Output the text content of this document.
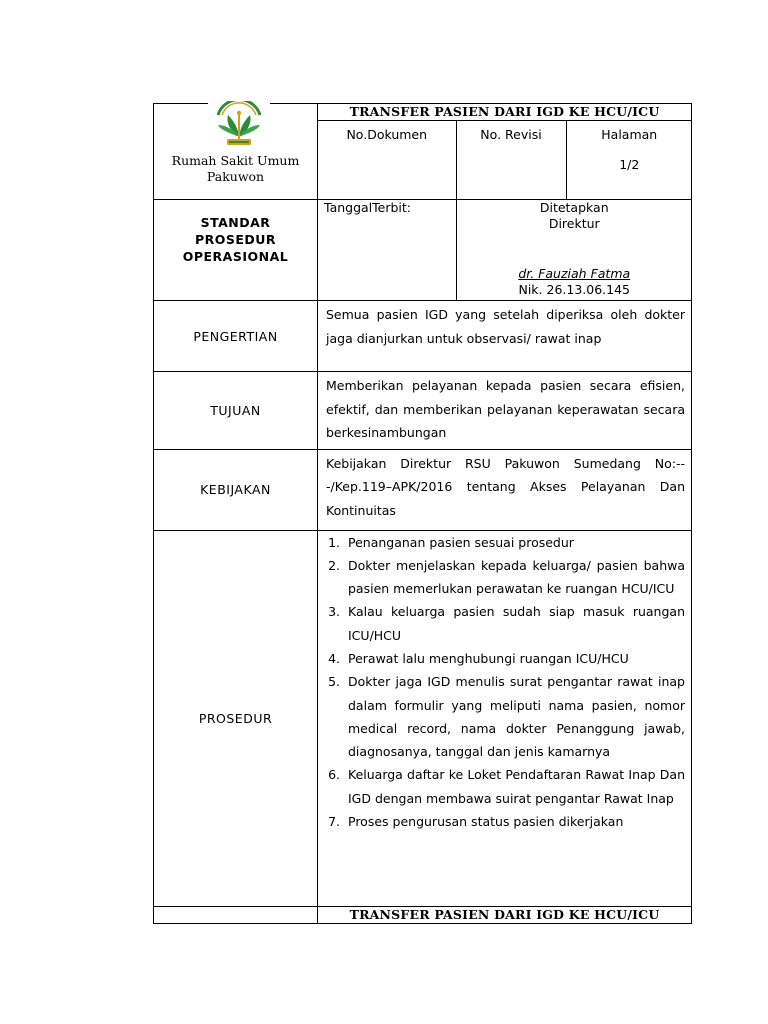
Rumah Sakit Umum
Pakuwon
	TRANSFER PASIEN DARI IGD KE HCU/ICU

No.Dokumen	No. Revisi	Halaman
1/2

STANDAR
PROSEDUR
OPERASIONAL

TanggalTerbit:	Ditetapkan
Direktur
dr. Fauziah Fatma
Nik. 26.13.06.145

PENGERTIAN	Semua pasien IGD yang setelah diperiksa oleh dokter jaga dianjurkan untuk observasi/ rawat inap
TUJUAN	Memberikan pelayanan kepada pasien secara efisien, efektif, dan memberikan pelayanan keperawatan secara berkesinambungan
KEBIJAKAN	Kebijakan Direktur RSU Pakuwon Sumedang No:---/Kep.119–APK/2016 tentang Akses Pelayanan Dan Kontinuitas
PROSEDUR	
1. Penanganan pasien sesuai prosedur
2. Dokter menjelaskan kepada keluarga/ pasien bahwa pasien memerlukan perawatan ke ruangan HCU/ICU
3. Kalau keluarga pasien sudah siap masuk ruangan ICU/HCU
4. Perawat lalu menghubungi ruangan ICU/HCU
5. Dokter jaga IGD menulis surat pengantar rawat inap dalam formulir yang meliputi nama pasien, nomor medical record, nama dokter Penanggung jawab, diagnosanya, tanggal dan jenis kamarnya
6. Keluarga daftar ke Loket Pendaftaran Rawat Inap Dan IGD dengan membawa suirat pengantar Rawat Inap
7. Proses pengurusan status pasien dikerjakan

	TRANSFER PASIEN DARI IGD KE HCU/ICU
